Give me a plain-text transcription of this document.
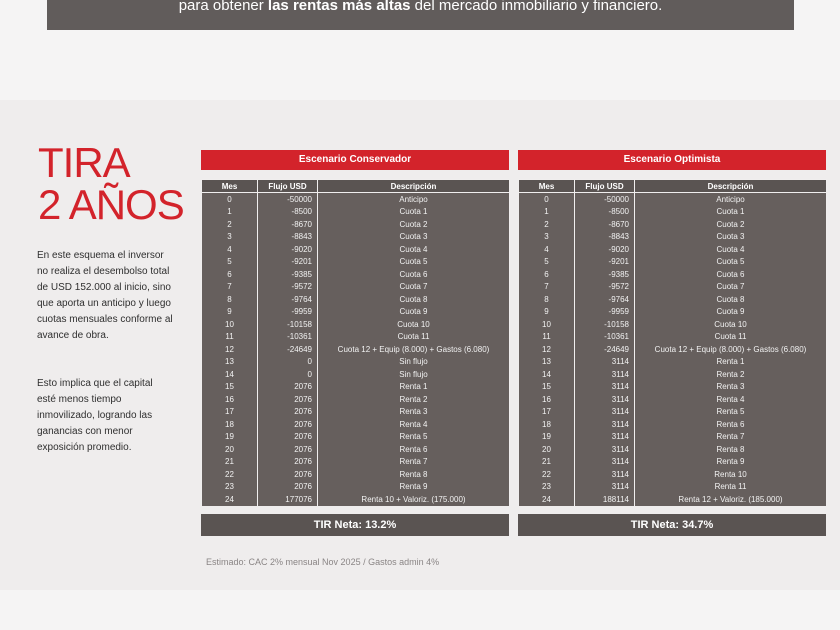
para obtener las rentas más altas del mercado inmobiliario y financiero.
TIRA
2 AÑOS
En este esquema el inversor no realiza el desembolso total de USD 152.000 al inicio, sino que aporta un anticipo y luego cuotas mensuales conforme al avance de obra.
Esto implica que el capital esté menos tiempo inmovilizado, logrando las ganancias con menor exposición promedio.
Escenario Conservador
Mes	Flujo USD	Descripción
0	-50000	Anticipo
1	-8500	Cuota 1
2	-8670	Cuota 2
3	-8843	Cuota 3
4	-9020	Cuota 4
5	-9201	Cuota 5
6	-9385	Cuota 6
7	-9572	Cuota 7
8	-9764	Cuota 8
9	-9959	Cuota 9
10	-10158	Cuota 10
11	-10361	Cuota 11
12	-24649	Cuota 12 + Equip (8.000) + Gastos (6.080)
13	0	Sin flujo
14	0	Sin flujo
15	2076	Renta 1
16	2076	Renta 2
17	2076	Renta 3
18	2076	Renta 4
19	2076	Renta 5
20	2076	Renta 6
21	2076	Renta 7
22	2076	Renta 8
23	2076	Renta 9
24	177076	Renta 10 + Valoriz. (175.000)
TIR Neta: 13.2%
Escenario Optimista
Mes	Flujo USD	Descripción
0	-50000	Anticipo
1	-8500	Cuota 1
2	-8670	Cuota 2
3	-8843	Cuota 3
4	-9020	Cuota 4
5	-9201	Cuota 5
6	-9385	Cuota 6
7	-9572	Cuota 7
8	-9764	Cuota 8
9	-9959	Cuota 9
10	-10158	Cuota 10
11	-10361	Cuota 11
12	-24649	Cuota 12 + Equip (8.000) + Gastos (6.080)
13	3114	Renta 1
14	3114	Renta 2
15	3114	Renta 3
16	3114	Renta 4
17	3114	Renta 5
18	3114	Renta 6
19	3114	Renta 7
20	3114	Renta 8
21	3114	Renta 9
22	3114	Renta 10
23	3114	Renta 11
24	188114	Renta 12 + Valoriz. (185.000)
TIR Neta: 34.7%
Estimado: CAC 2% mensual Nov 2025 / Gastos admin 4%
